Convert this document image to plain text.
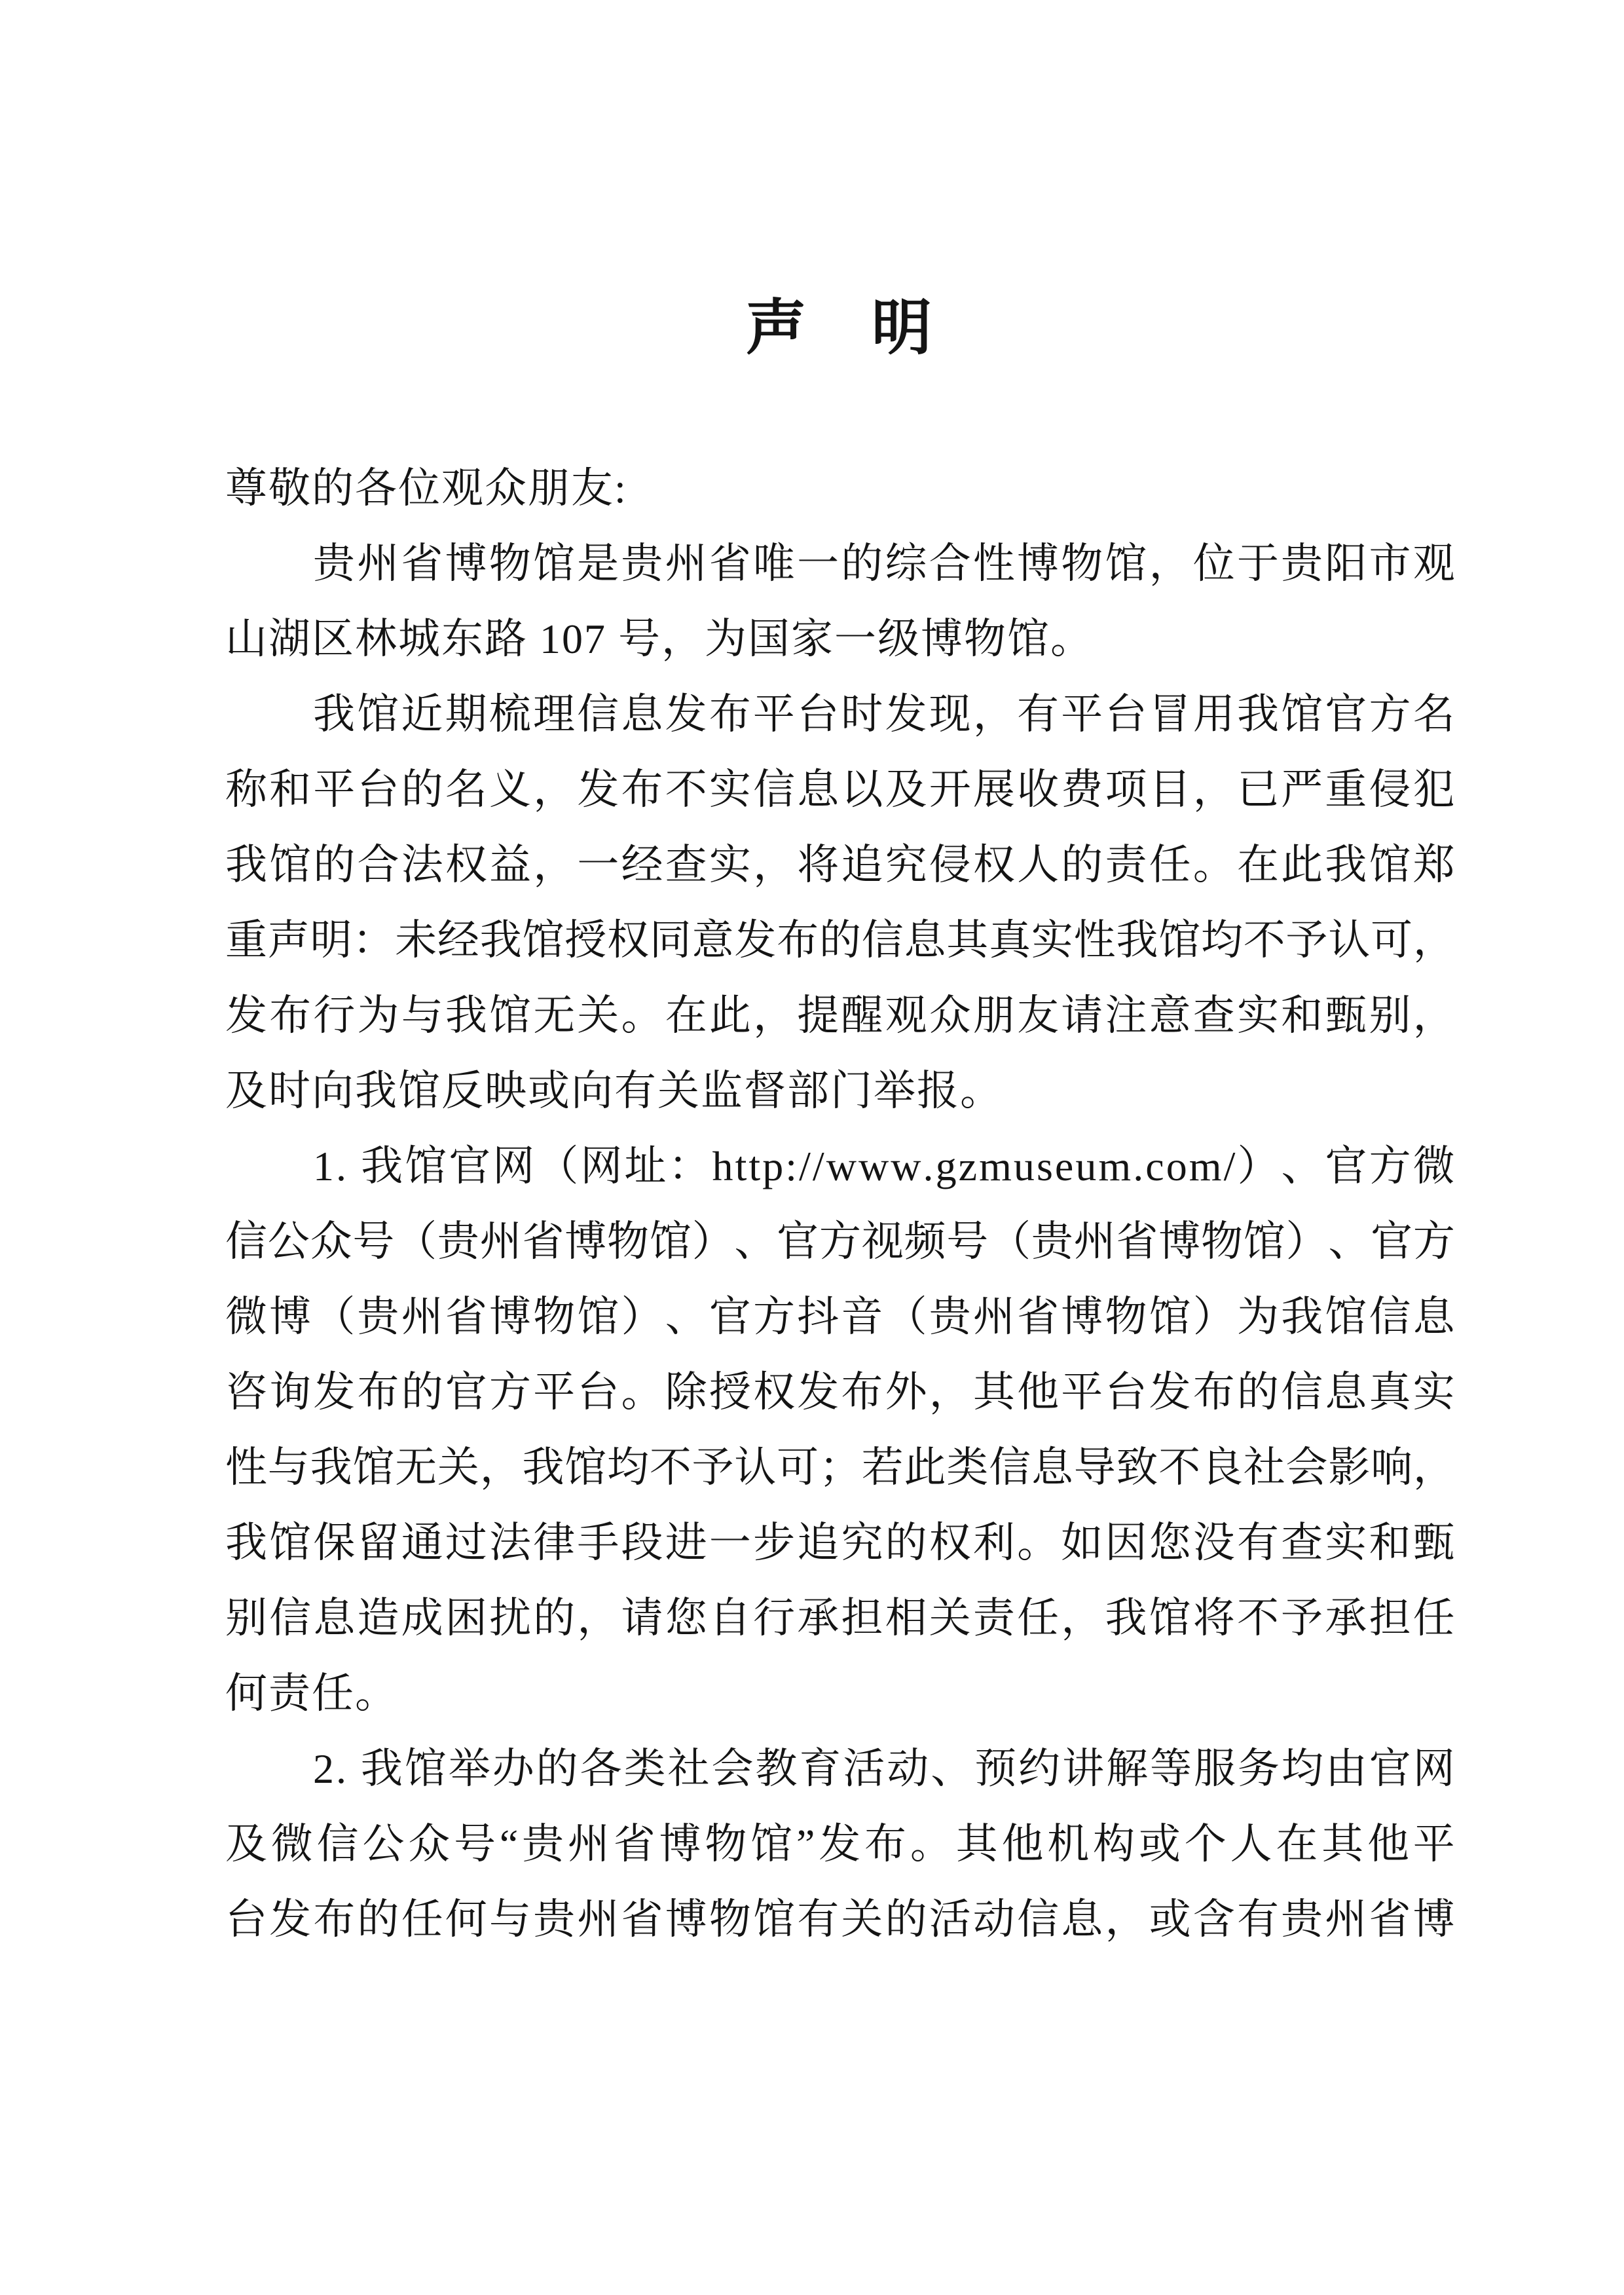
声　明
尊敬的各位观众朋友:
贵 州 省 博 物 馆 是 贵 州 省 唯 一 的 综 合 性 博 物 馆 ， 位 于 贵 阳 市 观
山湖区林城东路 107 号，为国家一级博物馆。
我 馆 近 期 梳 理 信 息 发 布 平 台 时 发 现 ， 有 平 台 冒 用 我 馆 官 方 名
称 和 平 台 的 名 义 ， 发 布 不 实 信 息 以 及 开 展 收 费 项 目 ， 已 严 重 侵 犯
我 馆 的 合 法 权 益 ， 一 经 查 实 ， 将 追 究 侵 权 人 的 责 任 。 在 此 我 馆 郑
重 声 明 ： 未 经 我 馆 授 权 同 意 发 布 的 信 息 其 真 实 性 我 馆 均 不 予 认 可 ，
发 布 行 为 与 我 馆 无 关 。 在 此 ， 提 醒 观 众 朋 友 请 注 意 查 实 和 甄 别 ，
及时向我馆反映或向有关监督部门举报。
1 .
我 馆 官 网 （ 网 址 ： h t t p : / / w w w . g z m u s e u m . c o m / ） 、 官 方 微
信 公 众 号 （ 贵 州 省 博 物 馆 ） 、 官 方 视 频 号 （ 贵 州 省 博 物 馆 ） 、 官 方
微 博 （ 贵 州 省 博 物 馆 ） 、 官 方 抖 音 （ 贵 州 省 博 物 馆 ） 为 我 馆 信 息
咨 询 发 布 的 官 方 平 台 。 除 授 权 发 布 外 ， 其 他 平 台 发 布 的 信 息 真 实
性 与 我 馆 无 关 ， 我 馆 均 不 予 认 可 ； 若 此 类 信 息 导 致 不 良 社 会 影 响 ，
我 馆 保 留 通 过 法 律 手 段 进 一 步 追 究 的 权 利 。 如 因 您 没 有 查 实 和 甄
别 信 息 造 成 困 扰 的 ， 请 您 自 行 承 担 相 关 责 任 ， 我 馆 将 不 予 承 担 任
何责任。
2 .
我 馆 举 办 的 各 类 社 会 教 育 活 动 、 预 约 讲 解 等 服 务 均 由 官 网
及 微 信 公 众 号 “ 贵 州 省 博 物 馆 ” 发 布 。 其 他 机 构 或 个 人 在 其 他 平
台 发 布 的 任 何 与 贵 州 省 博 物 馆 有 关 的 活 动 信 息 ， 或 含 有 贵 州 省 博
